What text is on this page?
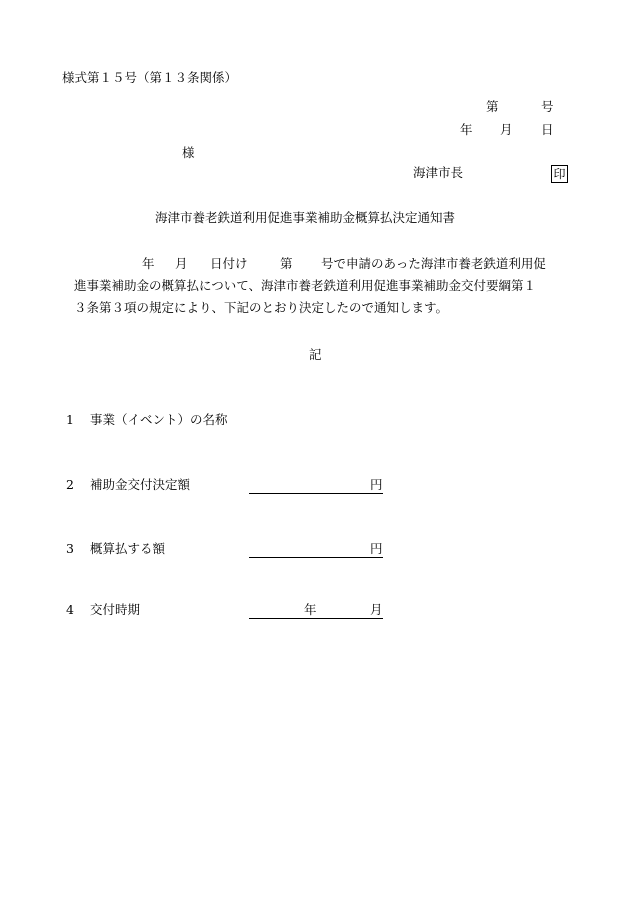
様式第１５号（第１３条関係）
第	号
年 月 日
様
海津市長	印
海津市養老鉄道利用促進事業補助金概算払決定通知書
年 月 日付け	第 号で申請のあった海津市養老鉄道利用促
進事業補助金の概算払について、海津市養老鉄道利用促進事業補助金交付要綱第１
３条第３項の規定により、下記のとおり決定したので通知します。
記
1 事業（イベント）の名称
2 補助金交付決定額	円
3 概算払する額	円
4 交付時期	年	月
